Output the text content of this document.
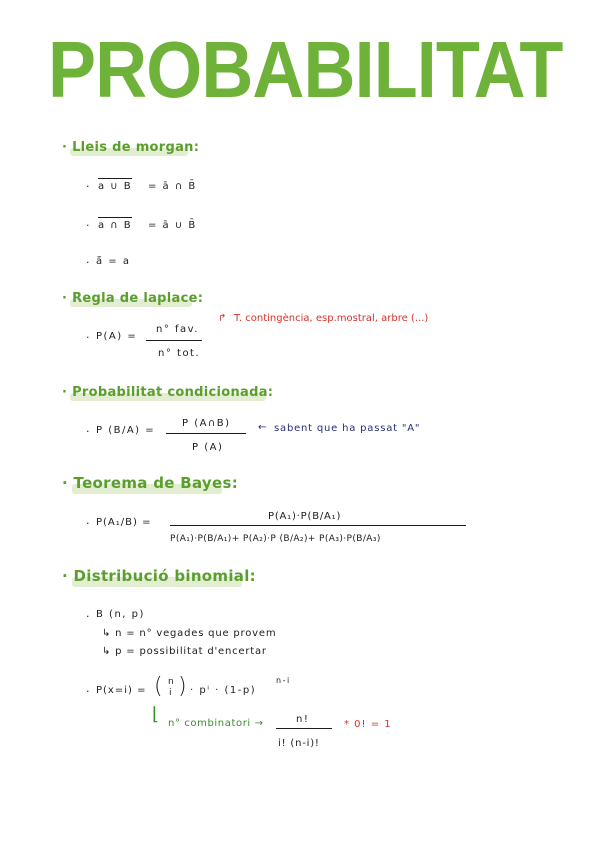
PROBABILITAT
· Lleis de morgan:
· a ∪ B = ā ∩ B̄
· a ∩ B = ā ∪ B̄
· ā̄ = a
· Regla de laplace:
· P(A) =
n° fav.
n° tot.
↱ T. contingència, esp.mostral, arbre (...)
· Probabilitat condicionada:
· P (B/A) =
P (A∩B)
P (A)
← sabent que ha passat "A"
· Teorema de Bayes:
· P(A₁/B) =
P(A₁)·P(B/A₁)
P(A₁)·P(B/A₁)+ P(A₂)·P (B/A₂)+ P(A₃)·P(B/A₃)
· Distribució binomial:
· B (n, p)
↳ n = n° vegades que provem
↳ p = possibilitat d'encertar
· P(x=i) = ( n
i ) · pⁱ · (1-p)
n-i
⌊ n° combinatori →	n!
i! (n-i)!
* 0! = 1
